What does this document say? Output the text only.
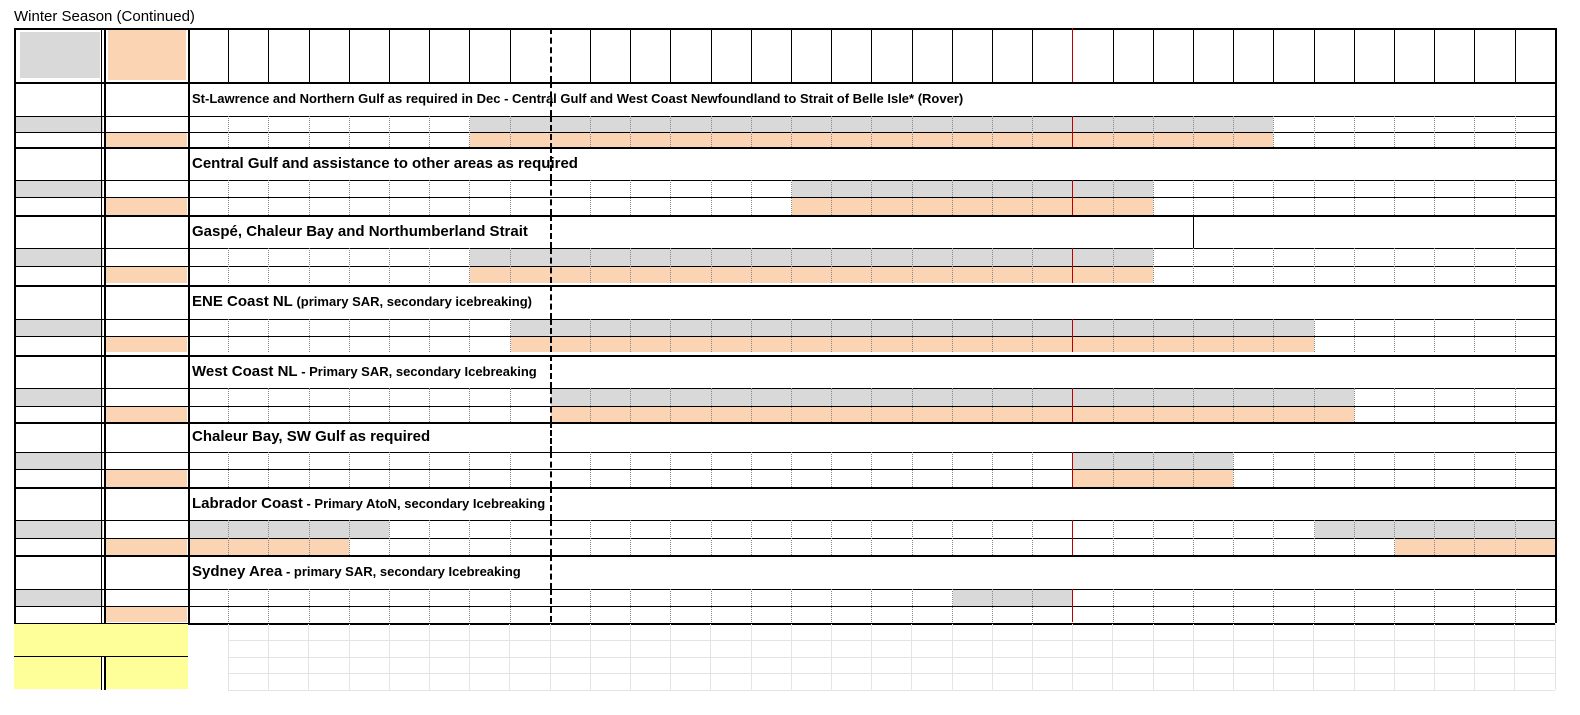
Winter Season (Continued)
St-Lawrence and Northern Gulf as required in Dec - Central Gulf and West Coast Newfoundland to Strait of Belle Isle* (Rover)
Central Gulf and assistance to other areas as required
Gaspé, Chaleur Bay and Northumberland Strait
ENE Coast NL (primary SAR, secondary icebreaking)
West Coast NL - Primary SAR, secondary Icebreaking
Chaleur Bay, SW Gulf as required
Labrador Coast - Primary AtoN, secondary Icebreaking
Sydney Area - primary SAR, secondary Icebreaking
